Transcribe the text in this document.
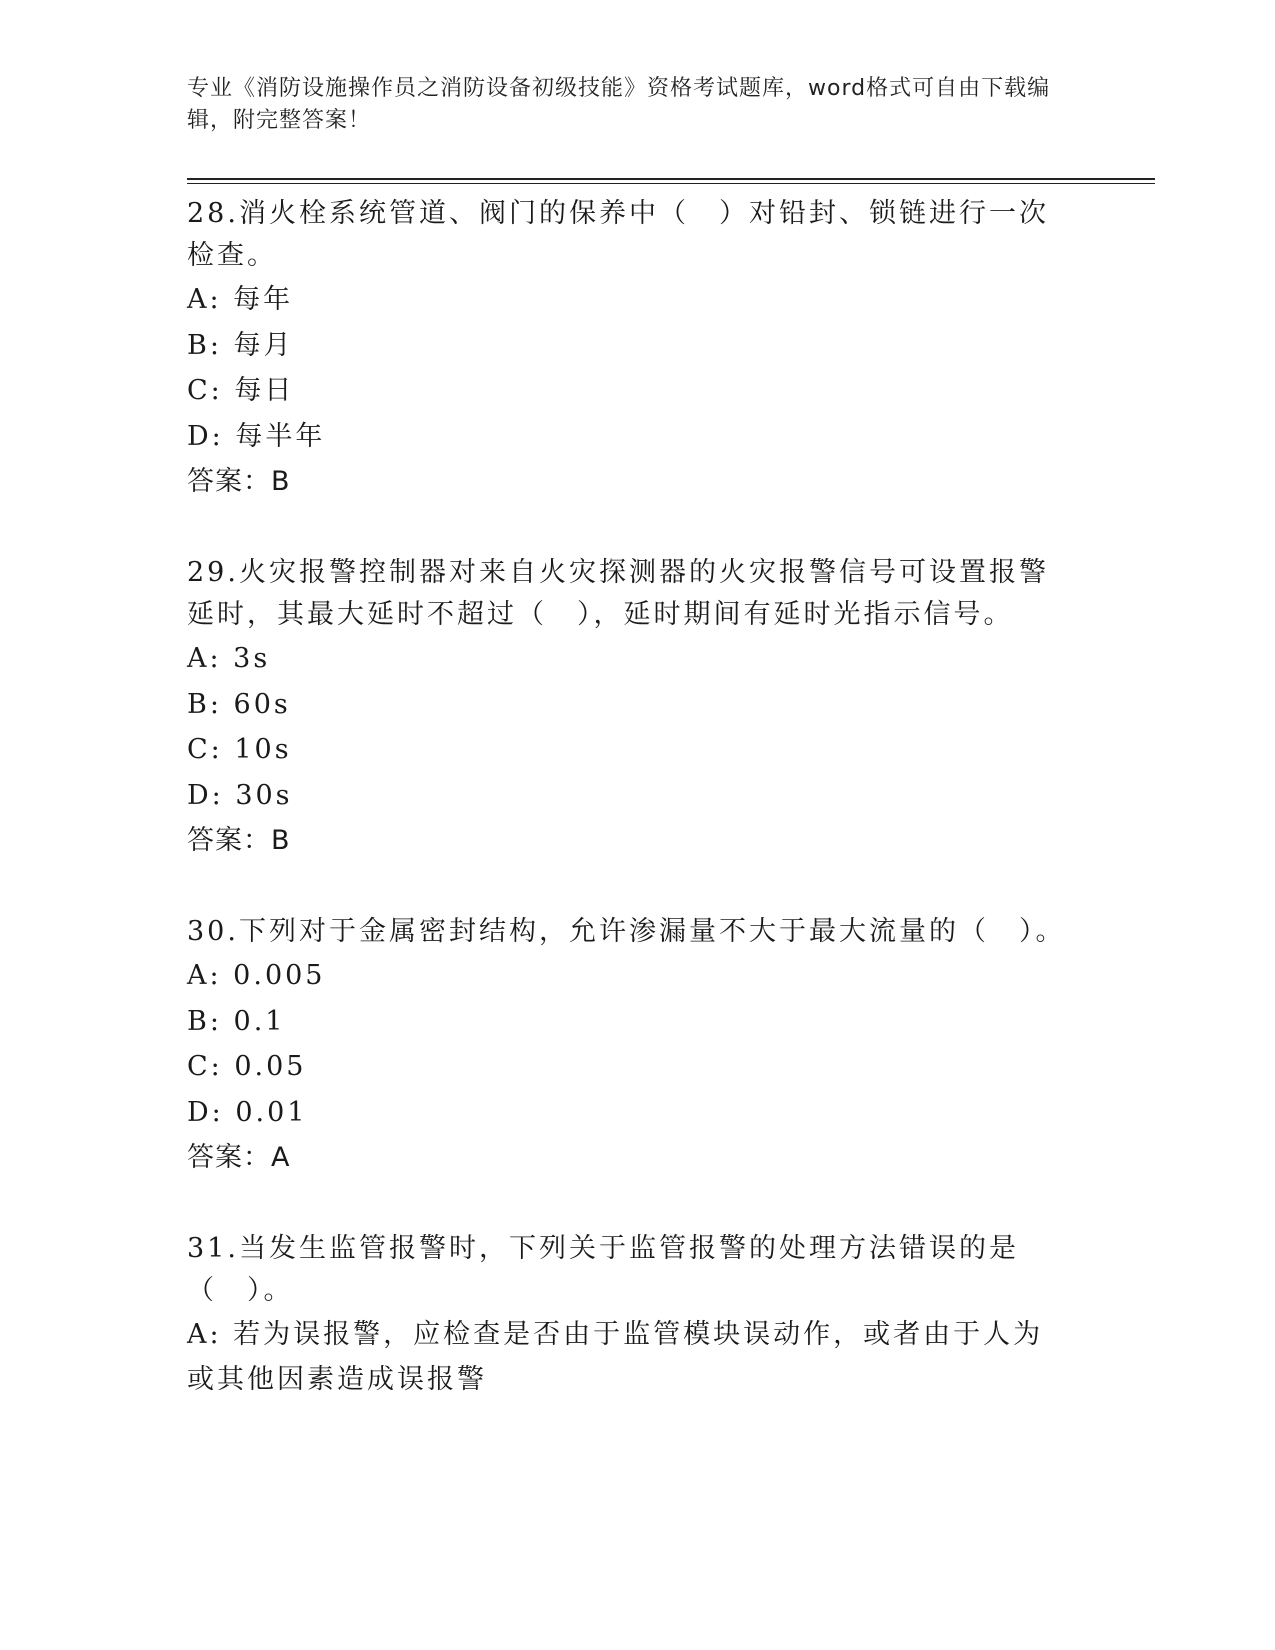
专业《消防设施操作员之消防设备初级技能》资格考试题库，word格式可自由下载编辑，附完整答案！

28.消火栓系统管道、阀门的保养中（　）对铅封、锁链进行一次检查。

A: 每年

B: 每月

C: 每日

D: 每半年

答案：B

29.火灾报警控制器对来自火灾探测器的火灾报警信号可设置报警延时，其最大延时不超过（　），延时期间有延时光指示信号。

A: 3s

B: 60s

C: 10s

D: 30s

答案：B

30.下列对于金属密封结构，允许渗漏量不大于最大流量的（　）。

A: 0.005

B: 0.1

C: 0.05

D: 0.01

答案：A

31.当发生监管报警时，下列关于监管报警的处理方法错误的是（　）。

A: 若为误报警，应检查是否由于监管模块误动作，或者由于人为或其他因素造成误报警
